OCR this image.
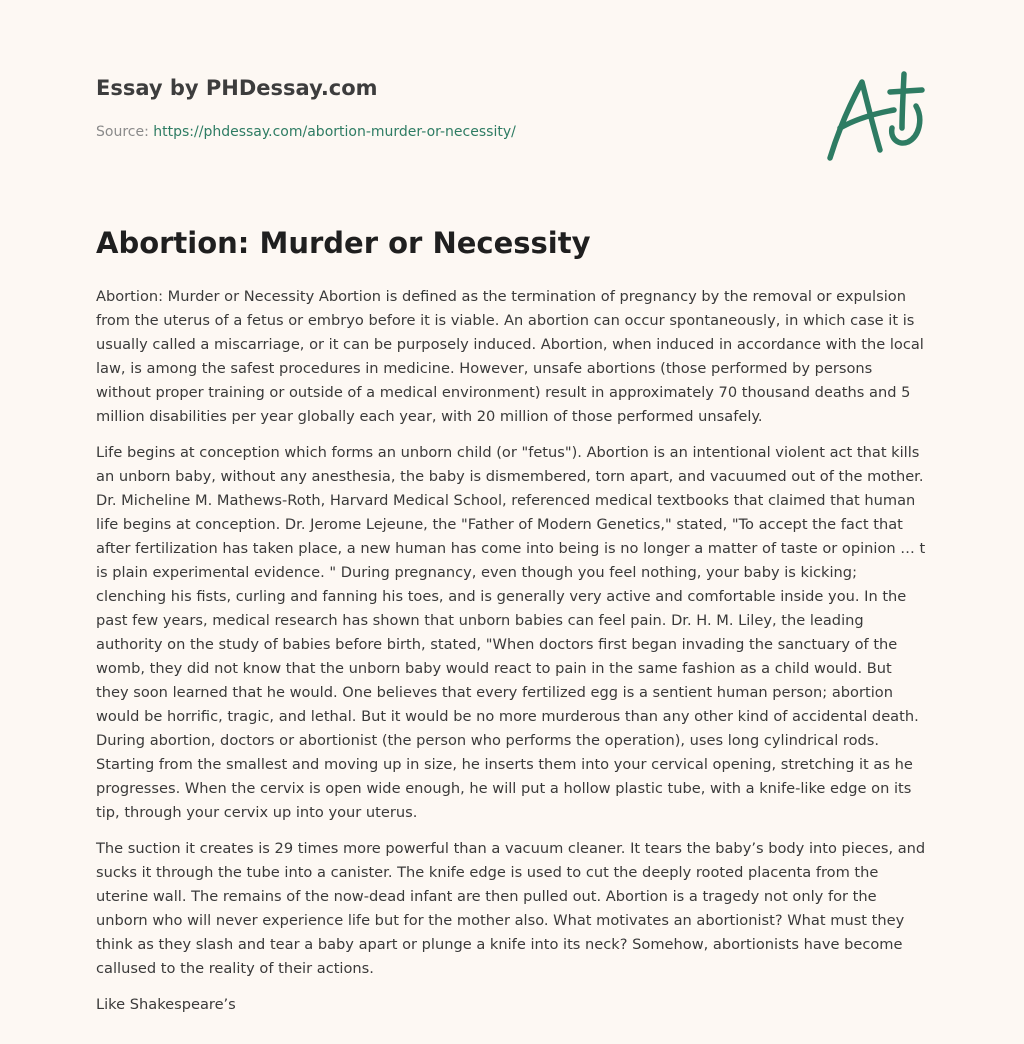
Essay by PHDessay.com
Source: https://phdessay.com/abortion-murder-or-necessity/
Abortion: Murder or Necessity

Abortion: Murder or Necessity Abortion is defined as the termination of pregnancy by the removal or expulsion from the uterus of a fetus or embryo before it is viable. An abortion can occur spontaneously, in which case it is usually called a miscarriage, or it can be purposely induced. Abortion, when induced in accordance with the local law, is among the safest procedures in medicine. However, unsafe abortions (those performed by persons without proper training or outside of a medical environment) result in approximately 70 thousand deaths and 5 million disabilities per year globally each year, with 20 million of those performed unsafely.

Life begins at conception which forms an unborn child (or "fetus"). Abortion is an intentional violent act that kills an unborn baby, without any anesthesia, the baby is dismembered, torn apart, and vacuumed out of the mother. Dr. Micheline M. Mathews-Roth, Harvard Medical School, referenced medical textbooks that claimed that human life begins at conception. Dr. Jerome Lejeune, the "Father of Modern Genetics," stated, "To accept the fact that after fertilization has taken place, a new human has come into being is no longer a matter of taste or opinion … t is plain experimental evidence. " During pregnancy, even though you feel nothing, your baby is kicking; clenching his fists, curling and fanning his toes, and is generally very active and comfortable inside you. In the past few years, medical research has shown that unborn babies can feel pain. Dr. H. M. Liley, the leading authority on the study of babies before birth, stated, "When doctors first began invading the sanctuary of the womb, they did not know that the unborn baby would react to pain in the same fashion as a child would. But they soon learned that he would. One believes that every fertilized egg is a sentient human person; abortion would be horrific, tragic, and lethal. But it would be no more murderous than any other kind of accidental death. During abortion, doctors or abortionist (the person who performs the operation), uses long cylindrical rods. Starting from the smallest and moving up in size, he inserts them into your cervical opening, stretching it as he progresses. When the cervix is open wide enough, he will put a hollow plastic tube, with a knife-like edge on its tip, through your cervix up into your uterus.

The suction it creates is 29 times more powerful than a vacuum cleaner. It tears the baby’s body into pieces, and sucks it through the tube into a canister. The knife edge is used to cut the deeply rooted placenta from the uterine wall. The remains of the now-dead infant are then pulled out. Abortion is a tragedy not only for the unborn who will never experience life but for the mother also. What motivates an abortionist? What must they think as they slash and tear a baby apart or plunge a knife into its neck? Somehow, abortionists have become callused to the reality of their actions.

Like Shakespeare’s
